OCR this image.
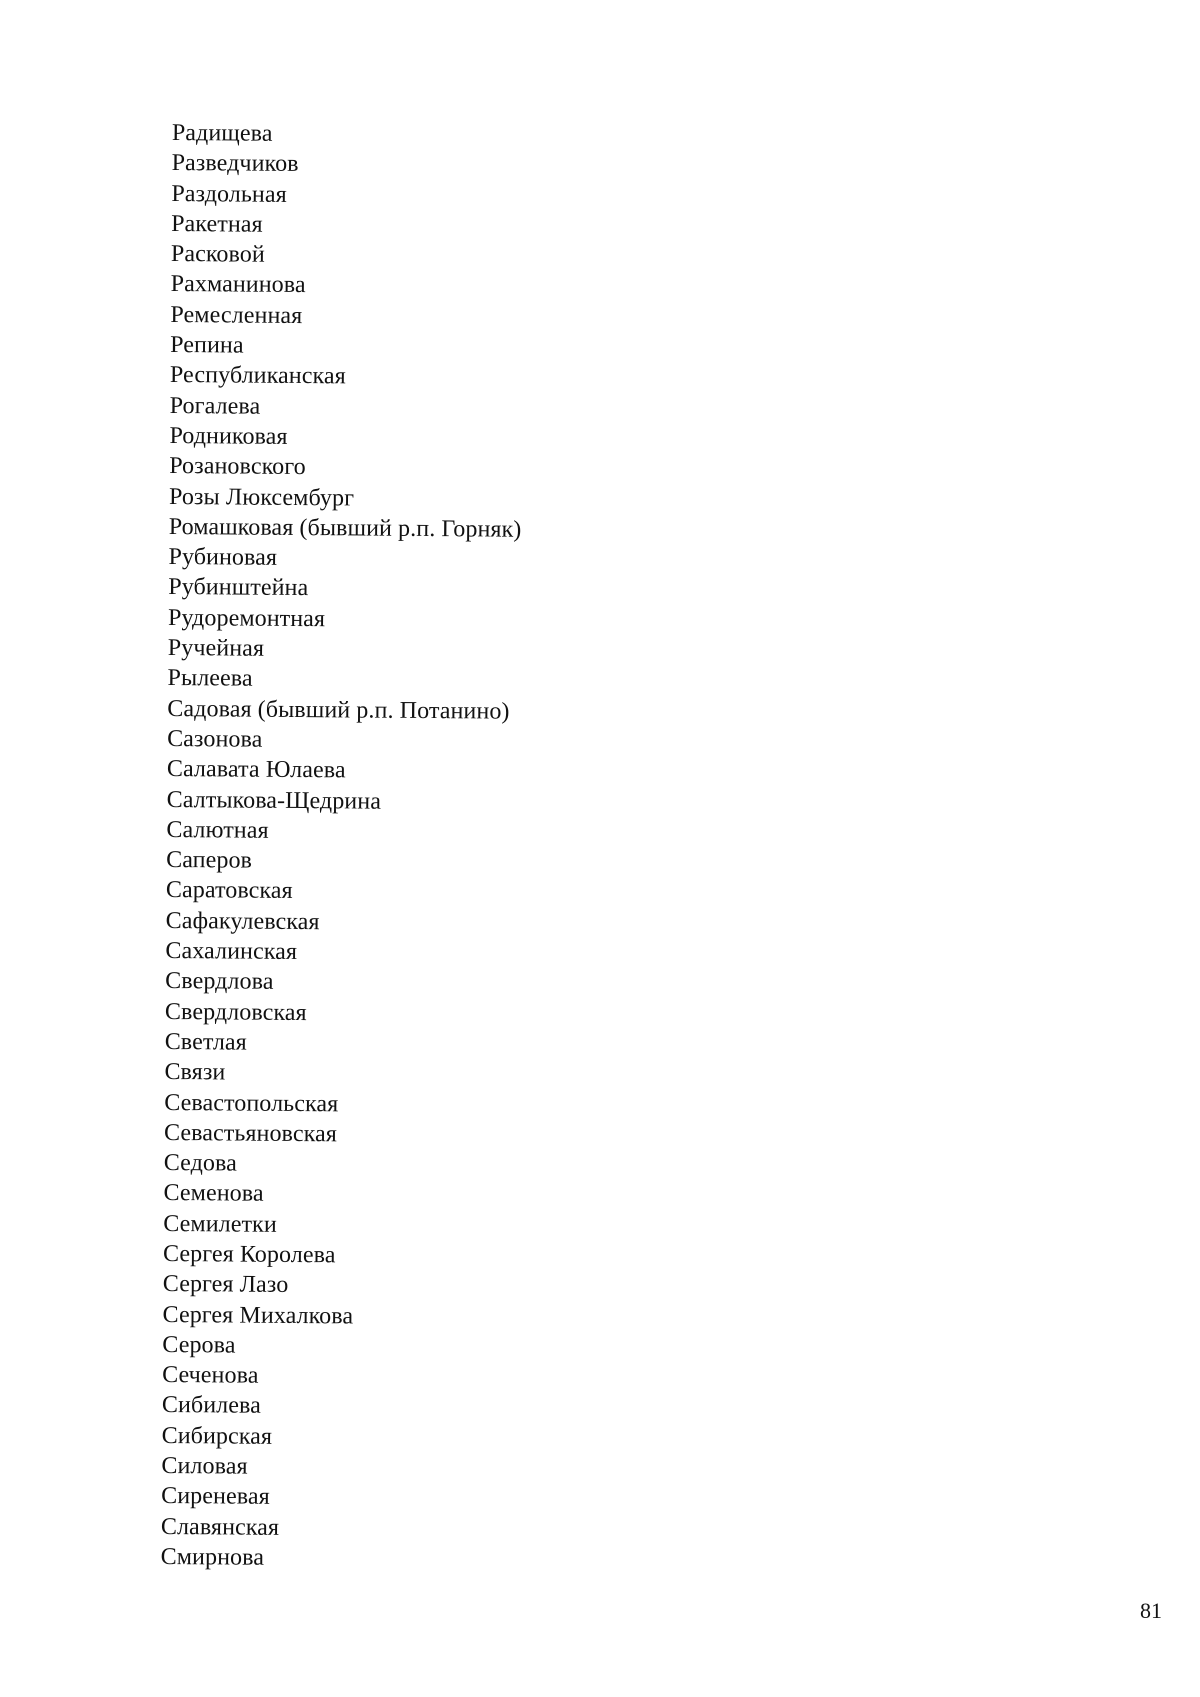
Радищева
Разведчиков
Раздольная
Ракетная
Расковой
Рахманинова
Ремесленная
Репина
Республиканская
Рогалева
Родниковая
Розановского
Розы Люксембург
Ромашковая (бывший р.п. Горняк)
Рубиновая
Рубинштейна
Рудоремонтная
Ручейная
Рылеева
Садовая (бывший р.п. Потанино)
Сазонова
Салавата Юлаева
Салтыкова-Щедрина
Салютная
Саперов
Саратовская
Сафакулевская
Сахалинская
Свердлова
Свердловская
Светлая
Связи
Севастопольская
Севастьяновская
Седова
Семенова
Семилетки
Сергея Королева
Сергея Лазо
Сергея Михалкова
Серова
Сеченова
Сибилева
Сибирская
Силовая
Сиреневая
Славянская
Смирнова
81
